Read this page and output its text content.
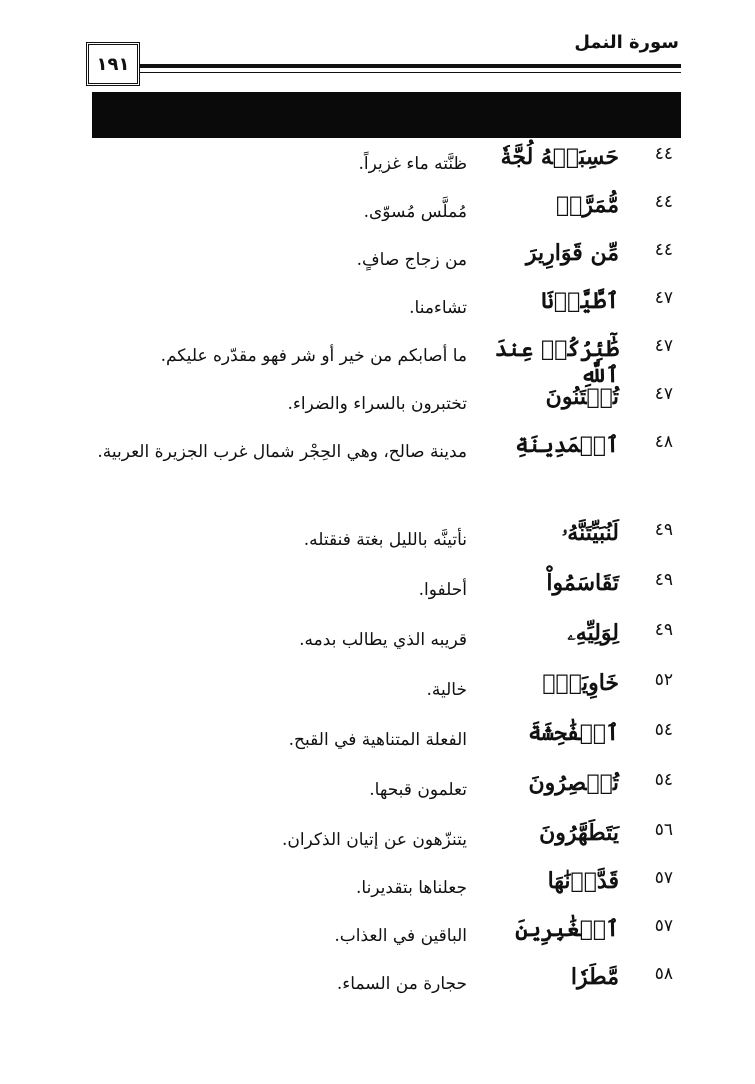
سورة النمل
١٩١
٤٤
حَسِبَتۡهُ لُجَّةٗ
ظنَّته ماء غزيراً.
٤٤
مُّمَرَّدٞ
مُملَّس مُسوّى.
٤٤
مِّن قَوَارِيرَ
من زجاج صافٍ.
٤٧
ٱطَّيَّرۡنَا
تشاءمنا.
٤٧
طَٰٓئِرُكُمۡ عِندَ ٱللَّهِ
ما أصابكم من خير أو شر فهو مقدّره عليكم.
٤٧
تُفۡتَنُونَ
تختبرون بالسراء والضراء.
٤٨
ٱلۡمَدِينَةِ
مدينة صالح، وهي الحِجْر شمال غرب الجزيرة العربية.
٤٩
لَنُبَيِّتَنَّهُۥ
نأتينَّه بالليل بغتة فنقتله.
٤٩
تَقَاسَمُواْ
أحلفوا.
٤٩
لِوَلِيِّهِۦ
قريبه الذي يطالب بدمه.
٥٢
خَاوِيَةَۢ
خالية.
٥٤
ٱلۡفَٰحِشَةَ
الفعلة المتناهية في القبح.
٥٤
تُبۡصِرُونَ
تعلمون قبحها.
٥٦
يَتَطَهَّرُونَ
يتنزّهون عن إتيان الذكران.
٥٧
قَدَّرۡنَٰهَا
جعلناها بتقديرنا.
٥٧
ٱلۡغَٰبِرِينَ
الباقين في العذاب.
٥٨
مَّطَرٗا
حجارة من السماء.
